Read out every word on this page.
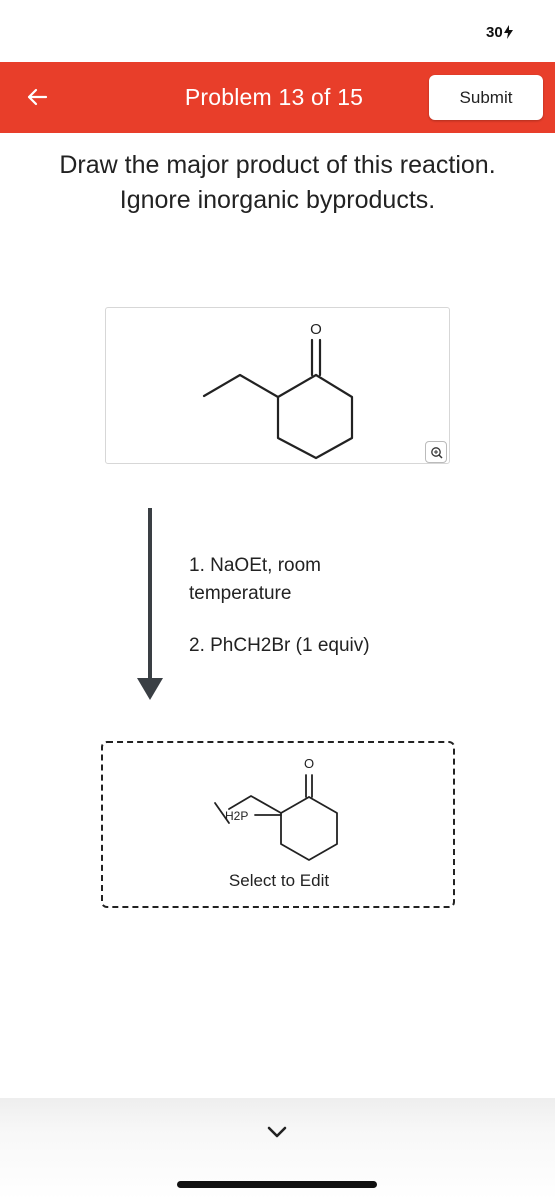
30
Problem 13 of 15	Submit
Draw the major product of this reaction.
Ignore inorganic byproducts.
O
1. NaOEt, room
temperature
2. PhCH2Br (1 equiv)
O
H2P
Select to Edit
